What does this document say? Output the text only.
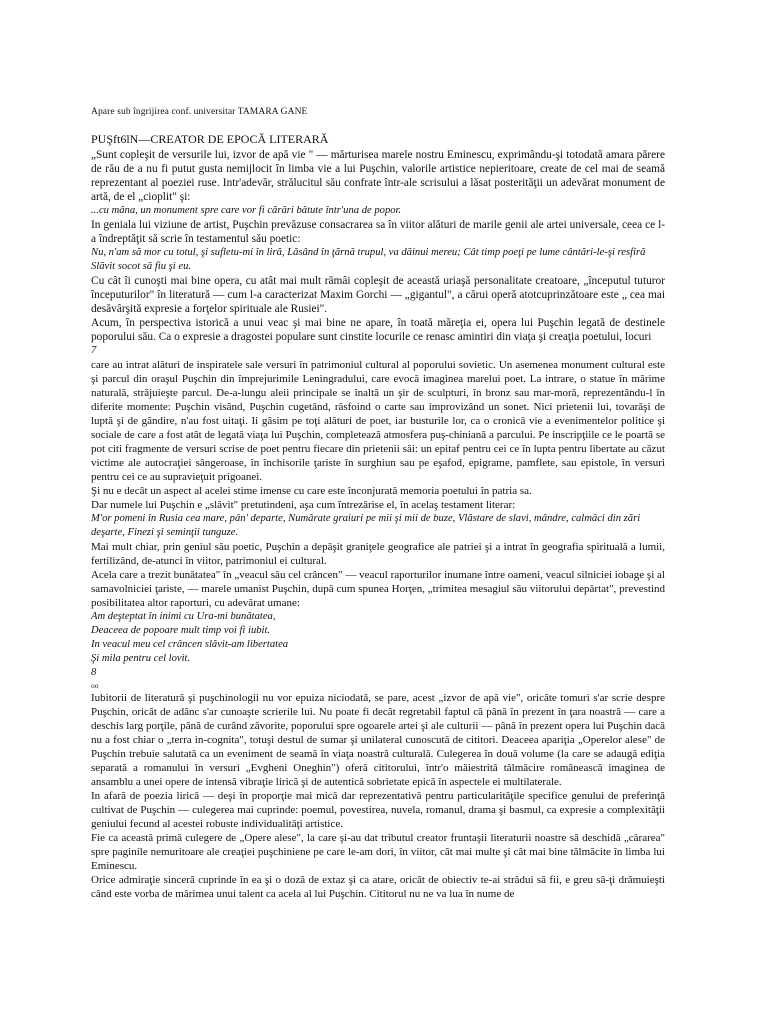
Apare sub îngrijirea conf. universitar TAMARA GANE
PUŞft6lN—CREATOR DE EPOCĂ LITERARĂ

„Sunt copleşit de versurile lui, izvor de apă vie " — mărturisea marele nostru Eminescu, exprimându-şi totodată amara părere de rău de a nu fi putut gusta nemijlocit în limba vie a lui Puşchin, valorile artistice nepieritoare, create de cel mai de seamă reprezentant al poeziei ruse. Intr'adevăr, strălucitul său confrate într-ale scrisului a lăsat posterităţii un adevărat monument de artă, de el „cioplit" şi:

...cu mâna, un monument spre care vor fi cărări bătute într'una de popor.

In geniala lui viziune de artist, Puşchin prevăzuse consacrarea sa în viitor alături de marile genii ale artei universale, ceea ce l-a îndreptăţit să scrie în testamentul său poetic:

Nu, n'am să mor cu totul, şi sufletu-mi în liră, Lăsând în ţărnă trupul, va dăinui mereu; Cât timp poeţi pe lume cântări-le-şi resfiră Slăvit socot să fiu şi eu.

Cu cât îi cunoşti mai bine opera, cu atât mai mult rămâi copleşit de această uriaşă personalitate creatoare, „începutul tuturor începuturilor" în literatură — cum l-a caracterizat Maxim Gorchi — „gigantul", a cărui operă atotcuprinzătoare este „ cea mai desăvârşită expresie a forţelor spirituale ale Rusiei".

Acum, în perspectiva istorică a unui veac şi mai bine ne apare, în toată măreţia ei, opera lui Puşchin legată de destinele poporului său. Ca o expresie a dragostei populare sunt cinstite locurile ce renasc amintiri din viaţa şi creaţia poetului, locuri

7

care au intrat alături de inspiratele sale versuri în patrimoniul cultural al poporului sovietic. Un asemenea monument cultural este şi parcul din oraşul Puşchin din împrejurimile Leningradului, care evocă imaginea marelui poet. La intrare, o statue în mărime naturală, străjuieşte parcul. De-a-lungu aleii principale se înaltă un şir de sculpturi, în bronz sau mar-moră, reprezentându-l în diferite momente: Puşchin visând, Puşchin cugetând, răsfoind o carte sau improvizând un sonet. Nici prietenii lui, tovarăşi de luptă şi de gândire, n'au fost uitaţi. Ii găsim pe toţi alături de poet, iar busturile lor, ca o cronică vie a evenimentelor politice şi sociale de care a fost atât de legată viaţa lui Puşchin, completează atmosfera puş-chiniană a parcului. Pe inscripţiile ce le poartă se pot citi fragmente de versuri scrise de poet pentru fiecare din prietenii săi: un epitaf pentru cei ce în lupta pentru libertate au căzut victime ale autocraţiei sângeroase, în închisorile ţariste în surghiun sau pe eşafod, epigrame, pamflete, sau epistole, în versuri pentru cei ce au supravieţuit prigoanei.

Şi nu e decât un aspect al acelei stime imense cu care este înconjurată memoria poetului în patria sa.

Dar numele lui Puşchin e „slăvit" pretutindeni, aşa cum întrezărise el, în acelaş testament literar:

M'or pomeni în Rusia cea mare, pân' departe, Numărate graiuri pe mii şi mii de buze, Vlăstare de slavi, mândre, calmâci din zări deşarte, Finezi şi seminţii tunguze.

Mai mult chiar, prin geniul său poetic, Puşchin a depăşit graniţele geografice ale patriei şi a intrat în geografia spirituală a lumii, fertilizând, de-atunci în viitor, patrimoniul ei cultural.

Acela care a trezit bunătatea" în „veacul său cel crâncen" — veacul raporturilor inumane între oameni, veacul silniciei iobage şi al samavolniciei ţariste, — marele umanist Puşchin, după cum spunea Horţen, „trimitea mesagiul său viitorului depărtat", prevestind posibilitatea altor raporturi, cu adevărat umane:

Am deşteptat în inimi cu Ura-mi bunătatea,

Deaceea de popoare mult timp voi fi iubit.

In veacul meu cel crâncen slăvit-am libertatea

Şi mila pentru cel lovit.

8

oo

Iubitorii de literatură şi puşchinologii nu vor epuiza niciodată, se pare, acest „izvor de apă vie", oricâte tomuri s'ar scrie despre Puşchin, oricât de adânc s'ar cunoaşte scrierile lui. Nu poate fi decât regretabil faptul că până în prezent în ţara noastră — care a deschis larg porţile, până de curând zăvorite, poporului spre ogoarele artei şi ale culturii — până în prezent opera lui Puşchin dacă nu a fost chiar o „terra in-cognita", totuşi destul de sumar şi unilateral cunoscută de cititori. Deaceea apariţia „Operelor alese" de Puşchin trebuie salutată ca un eveniment de seamă în viaţa noastră culturală. Culegerea în două volume (la care se adaugă ediţia separată a romanului în versuri „Evgheni Oneghin") oferă cititorului, într'o măiestrită tălmăcire românească imaginea de ansamblu a unei opere de intensă vibraţie lirică şi de autentică sobrietate epică în aspectele ei multilaterale.

In afară de poezia lirică — deşi în proporţie mai mică dar reprezentativă pentru particularităţile specifice genului de preferinţă cultivat de Puşchin — culegerea mai cuprinde: poemul, povestirea, nuvela, romanul, drama şi basmul, ca expresie a complexităţii geniului fecund al acestei robuste individualităţi artistice.

Fie ca această primă culegere de „Opere alese", la care şi-au dat tributul creator fruntaşii literaturii noastre să deschidă „cărarea" spre paginile nemuritoare ale creaţiei puşchiniene pe care le-am dori, în viitor, cât mai multe şi cât mai bine tălmăcite în limba lui Eminescu.

Orice admiraţie sinceră cuprinde în ea şi o doză de extaz şi ca atare, oricât de obiectiv te-ai strădui să fii, e greu să-ţi drămuieşti când este vorba de mărimea unui talent ca acela al lui Puşchin. Cititorul nu ne va lua în nume de
